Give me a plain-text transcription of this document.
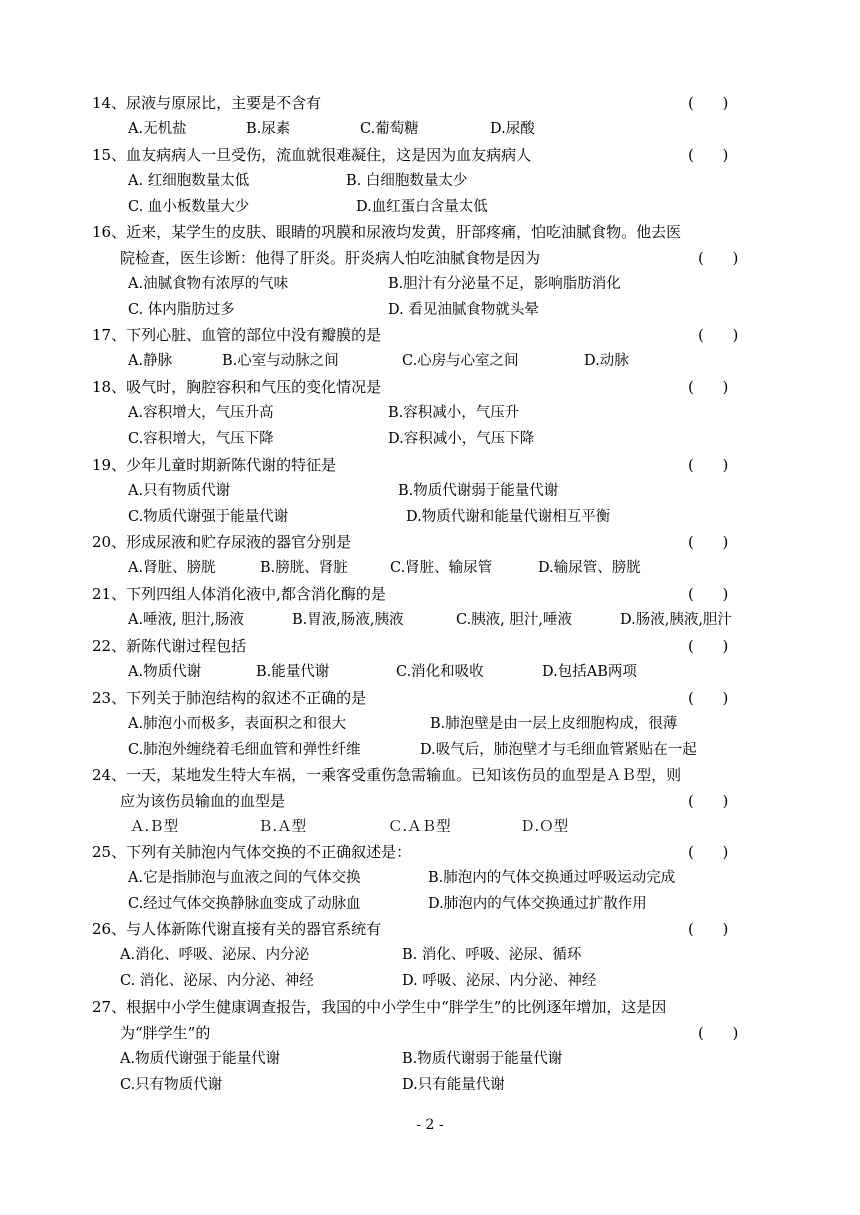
14、尿液与原尿比，主要是不含有	(      )
A.无机盐	B.尿素	C.葡萄糖	D.尿酸
15、血友病病人一旦受伤，流血就很难凝住，这是因为血友病病人	(      )
A. 红细胞数量太低	B. 白细胞数量太少
C. 血小板数量大少	D.血红蛋白含量太低
16、近来，某学生的皮肤、眼睛的巩膜和尿液均发黄，肝部疼痛，怕吃油腻食物。他去医
院检查，医生诊断：他得了肝炎。肝炎病人怕吃油腻食物是因为	(      )
A.油腻食物有浓厚的气味	B.胆汁有分泌量不足，影响脂肪消化
C. 体内脂肪过多	D. 看见油腻食物就头晕
17、下列心脏、血管的部位中没有瓣膜的是	(      )
A.静脉	B.心室与动脉之间	C.心房与心室之间	D.动脉
18、吸气时，胸腔容积和气压的变化情况是	(      )
A.容积增大，气压升高	B.容积减小，气压升
C.容积增大，气压下降	D.容积减小，气压下降
19、少年儿童时期新陈代谢的特征是	(      )
A.只有物质代谢	B.物质代谢弱于能量代谢
C.物质代谢强于能量代谢	D.物质代谢和能量代谢相互平衡
20、形成尿液和贮存尿液的器官分别是	(      )
A.肾脏、膀胱	B.膀胱、肾脏	C.肾脏、输尿管	D.输尿管、膀胱
21、下列四组人体消化液中,都含消化酶的是	(      )
A.唾液, 胆汁,肠液	B.胃液,肠液,胰液	C.胰液, 胆汁,唾液	D.肠液,胰液,胆汁
22、新陈代谢过程包括	(      )
A.物质代谢	B.能量代谢	C.消化和吸收	D.包括AB两项
23、下列关于肺泡结构的叙述不正确的是	(      )
A.肺泡小而极多，表面积之和很大	B.肺泡壁是由一层上皮细胞构成，很薄
C.肺泡外缠绕着毛细血管和弹性纤维	D.吸气后，肺泡壁才与毛细血管紧贴在一起
24、一天，某地发生特大车祸，一乘客受重伤急需输血。已知该伤员的血型是ＡＢ型，则
应为该伤员输血的血型是	(      )
Ａ.Ｂ型	Ｂ.Ａ型	Ｃ.ＡＢ型	Ｄ.Ｏ型
25、下列有关肺泡内气体交换的不正确叙述是：	(      )
A.它是指肺泡与血液之间的气体交换	B.肺泡内的气体交换通过呼吸运动完成
C.经过气体交换静脉血变成了动脉血	D.肺泡内的气体交换通过扩散作用
26、与人体新陈代谢直接有关的器官系统有	(      )
A.消化、呼吸、泌尿、内分泌	B. 消化、呼吸、泌尿、循环
C. 消化、泌尿、内分泌、神经	D. 呼吸、泌尿、内分泌、神经
27、根据中小学生健康调查报告，我国的中小学生中“胖学生”的比例逐年增加，这是因
为“胖学生”的	(      )
A.物质代谢强于能量代谢	B.物质代谢弱于能量代谢
C.只有物质代谢	D.只有能量代谢
- 2 -
